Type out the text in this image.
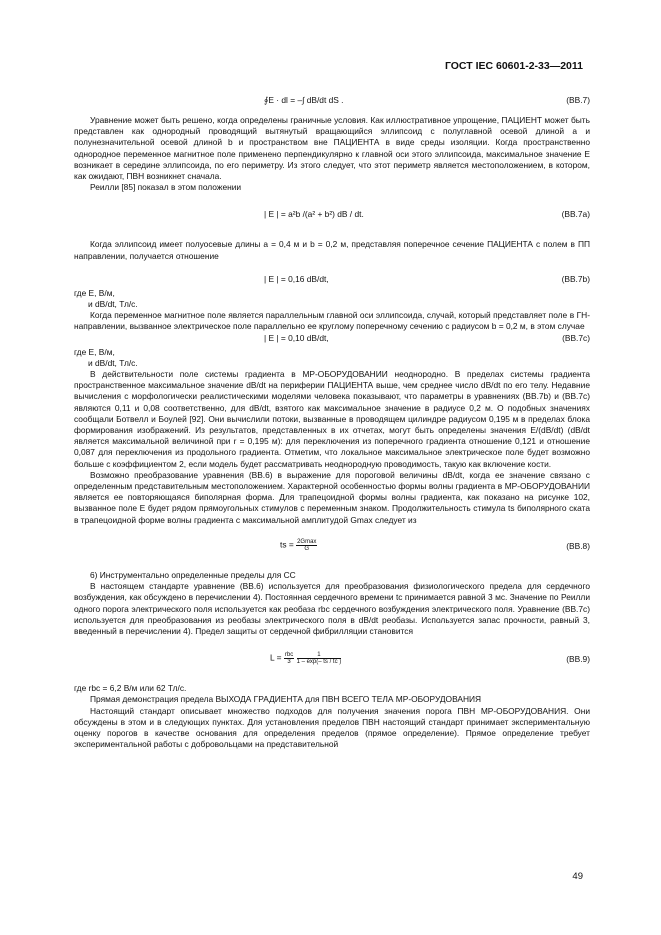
ГОСТ IEC 60601-2-33—2011
∮E · dl = –∫ dB/dt dS .	(ВВ.7)

Уравнение может быть решено, когда определены граничные условия. Как иллюстративное упрощение, ПАЦИЕНТ может быть представлен как однородный проводящий вытянутый вращающийся эллипсоид с полуглавной осевой длиной a и полунезначительной осевой длиной b и пространством вне ПАЦИЕНТА в виде среды изоляции. Когда пространственно однородное переменное магнитное поле применено перпендикулярно к главной оси этого эллипсоида, максимальное значение E возникает в середине эллипсоида, по его периметру. Из этого следует, что этот периметр является местоположением, в котором, как ожидают, ПВН возникнет сначала.

Реилли [85] показал в этом положении

| E | = a²b /(a² + b²) dB / dt.	(ВВ.7a)

Когда эллипсоид имеет полуосевые длины a = 0,4 м и b = 0,2 м, представляя поперечное сечение ПАЦИЕНТА с полем в ПП направлении, получается отношение

| E | = 0,16 dB/dt,	(ВВ.7b)

где E, В/м,

и dB/dt, Тл/с.

Когда переменное магнитное поле является параллельным главной оси эллипсоида, случай, который представляет поле в ГН-направлении, вызванное электрическое поле параллельно ее круглому поперечному сечению с радиусом b = 0,2 м, в этом случае

| E | = 0,10 dB/dt,	(ВВ.7c)

где E, В/м,

и dB/dt, Тл/с.

В действительности поле системы градиента в МР-ОБОРУДОВАНИИ неоднородно. В пределах системы градиента пространственное максимальное значение dB/dt на периферии ПАЦИЕНТА выше, чем среднее число dB/dt по его телу. Недавние вычисления с морфологически реалистическими моделями человека показывают, что параметры в уравнениях (ВВ.7b) и (ВВ.7c) являются 0,11 и 0,08 соответственно, для dB/dt, взятого как максимальное значение в радиусе 0,2 м. О подобных значениях сообщали Ботвелл и Боулей [92]. Они вычислили потоки, вызванные в проводящем цилиндре радиусом 0,195 м в пределах блока формирования изображений. Из результатов, представленных в их отчетах, могут быть определены значения E/(dB/dt) (dB/dt является максимальной величиной при r = 0,195 м): для переключения из поперечного градиента отношение 0,121 и отношение 0,087 для переключения из продольного градиента. Отметим, что локальное максимальное электрическое поле будет возможно больше с коэффициентом 2, если модель будет рассматривать неоднородную проводимость, такую как включение кости.

Возможно преобразование уравнения (ВВ.6) в выражение для пороговой величины dB/dt, когда ее значение связано с определенным представительным местоположением. Характерной особенностью формы волны градиента в МР-ОБОРУДОВАНИИ является ее повторяющаяся биполярная форма. Для трапецоидной формы волны градиента, как показано на рисунке 102, вызванное поле E будет рядом прямоугольных стимулов с переменным знаком. Продолжительность стимула ts биполярного ската в трапецоидной форме волны градиента с максимальной амплитудой Gmax следует из

ts = $\frac{2Gmax}{G}$	(ВВ.8)

6) Инструментально определенные пределы для СС

В настоящем стандарте уравнение (ВВ.6) используется для преобразования физиологического предела для сердечного возбуждения, как обсуждено в перечислении 4). Постоянная сердечного времени tc принимается равной 3 мс. Значение по Реилли одного порога электрического поля используется как реобаза rbc сердечного возбуждения электрического поля. Уравнение (ВВ.7c) используется для преобразования из реобазы электрического поля в dB/dt реобазы. Используется запас прочности, равный 3, введенный в перечислении 4). Предел защиты от сердечной фибрилляции становится

$L = \frac{\text{rbc}}{3}$
$\frac{1}{1 - \exp(- ts / tc )}$	(ВВ.9)

где rbc = 6,2 В/м или 62 Тл/с.

Прямая демонстрация предела ВЫХОДА ГРАДИЕНТА для ПВН ВСЕГО ТЕЛА МР-ОБОРУДОВАНИЯ

Настоящий стандарт описывает множество подходов для получения значения порога ПВН МР-ОБОРУДОВАНИЯ. Они обсуждены в этом и в следующих пунктах. Для установления пределов ПВН настоящий стандарт принимает экспериментальную оценку порогов в качестве основания для определения пределов (прямое определение). Прямое определение требует экспериментальной работы с добровольцами на представительной

49
